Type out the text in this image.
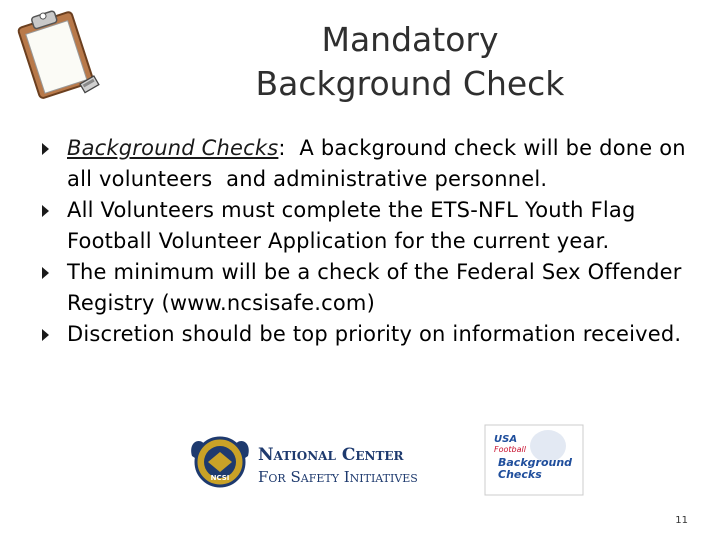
Mandatory
Background Check
Background Checks:  A background check will be done on all volunteers  and administrative personnel.
All Volunteers must complete the ETS-NFL Youth Flag Football Volunteer Application for the current year.
The minimum will be a check of the Federal Sex Offender Registry (www.ncsisafe.com)
Discretion should be top priority on information received.
NCSI
National Center
For Safety Initiatives
USA
Football
Background
Checks
11
